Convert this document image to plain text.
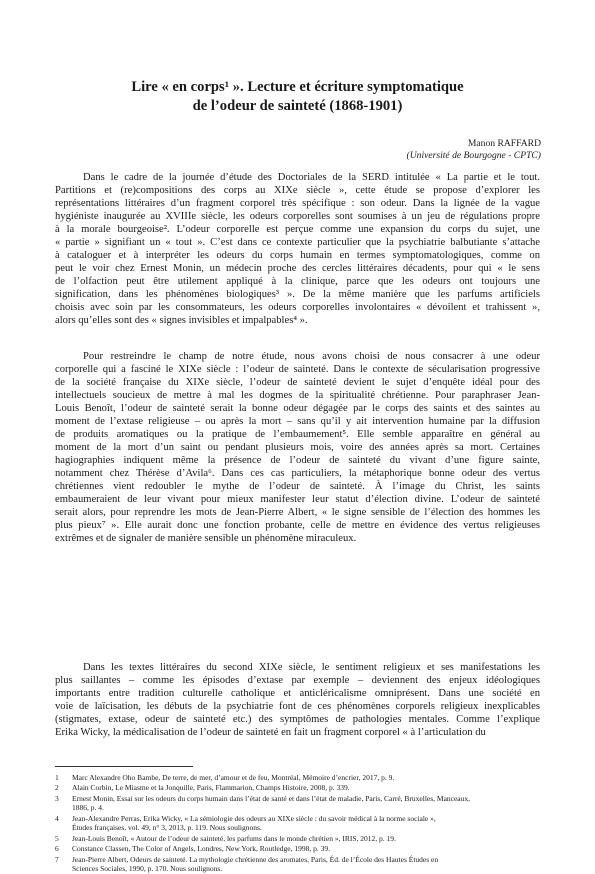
Lire « en corps¹ ». Lecture et écriture symptomatique
de l’odeur de sainteté (1868-1901)
Manon RAFFARD
(Université de Bourgogne - CPTC)
Dans le cadre de la journée d’étude des Doctoriales de la SERD intitulée « La partie et le tout.
Partitions et (re)compositions des corps au XIXe siècle », cette étude se propose d’explorer les
représentations littéraires d’un fragment corporel très spécifique : son odeur. Dans la lignée de la vague
hygiéniste inaugurée au XVIIIe siècle, les odeurs corporelles sont soumises à un jeu de régulations propre
à la morale bourgeoise². L’odeur corporelle est perçue comme une expansion du corps du sujet, une
« partie » signifiant un « tout ». C’est dans ce contexte particulier que la psychiatrie balbutiante s’attache
à cataloguer et à interpréter les odeurs du corps humain en termes symptomatologiques, comme on
peut le voir chez Ernest Monin, un médecin proche des cercles littéraires décadents, pour qui « le sens
de l’olfaction peut être utilement appliqué à la clinique, parce que les odeurs ont toujours une
signification, dans les phénomènes biologiques³ ». De la même manière que les parfums artificiels
choisis avec soin par les consommateurs, les odeurs corporelles involontaires « dévoilent et trahissent »,
alors qu’elles sont des « signes invisibles et impalpables⁴ ».
Pour restreindre le champ de notre étude, nous avons choisi de nous consacrer à une odeur
corporelle qui a fasciné le XIXe siècle : l’odeur de sainteté. Dans le contexte de sécularisation progressive
de la société française du XIXe siècle, l’odeur de sainteté devient le sujet d’enquête idéal pour des
intellectuels soucieux de mettre à mal les dogmes de la spiritualité chrétienne. Pour paraphraser Jean-
Louis Benoît, l’odeur de sainteté serait la bonne odeur dégagée par le corps des saints et des saintes au
moment de l’extase religieuse – ou après la mort – sans qu’il y ait intervention humaine par la diffusion
de produits aromatiques ou la pratique de l’embaumement⁵. Elle semble apparaître en général au
moment de la mort d’un saint ou pendant plusieurs mois, voire des années après sa mort. Certaines
hagiographies indiquent même la présence de l’odeur de sainteté du vivant d’une figure sainte,
notamment chez Thérèse d’Avila⁶. Dans ces cas particuliers, la métaphorique bonne odeur des vertus
chrétiennes vient redoubler le mythe de l’odeur de sainteté. À l’image du Christ, les saints
embaumeraient de leur vivant pour mieux manifester leur statut d’élection divine. L’odeur de sainteté
serait alors, pour reprendre les mots de Jean-Pierre Albert, « le signe sensible de l’élection des hommes les
plus pieux⁷ ». Elle aurait donc une fonction probante, celle de mettre en évidence des vertus religieuses
extrêmes et de signaler de manière sensible un phénomène miraculeux.
Dans les textes littéraires du second XIXe siècle, le sentiment religieux et ses manifestations les
plus saillantes – comme les épisodes d’extase par exemple – deviennent des enjeux idéologiques
importants entre tradition culturelle catholique et anticléricalisme omniprésent. Dans une société en
voie de laïcisation, les débuts de la psychiatrie font de ces phénomènes corporels religieux inexplicables
(stigmates, extase, odeur de sainteté etc.) des symptômes de pathologies mentales. Comme l’explique
Erika Wicky, la médicalisation de l’odeur de sainteté en fait un fragment corporel « à l’articulation du
1 Marc Alexandre Oho Bambe, De terre, de mer, d’amour et de feu, Montréal, Mémoire d’encrier, 2017, p. 9.
2 Alain Corbin, Le Miasme et la Jonquille, Paris, Flammarion, Champs Histoire, 2008, p. 339.
3 Ernest Monin, Essai sur les odeurs du corps humain dans l’état de santé et dans l’état de maladie, Paris, Carré, Bruxelles, Manceaux,
1886, p. 4.
4 Jean-Alexandre Perras, Erika Wicky, « La sémiologie des odeurs au XIXe siècle : du savoir médical à la norme sociale »,
Études françaises, vol. 49, n° 3, 2013, p. 119. Nous soulignons.
5 Jean-Louis Benoît, « Autour de l’odeur de sainteté, les parfums dans le monde chrétien », IRIS, 2012, p. 19.
6 Constance Classen, The Color of Angels, Londres, New York, Routledge, 1998, p. 39.
7 Jean-Pierre Albert, Odeurs de sainteté. La mythologie chrétienne des aromates, Paris, Éd. de l’École des Hautes Études en
Sciences Sociales, 1990, p. 170. Nous soulignons.
